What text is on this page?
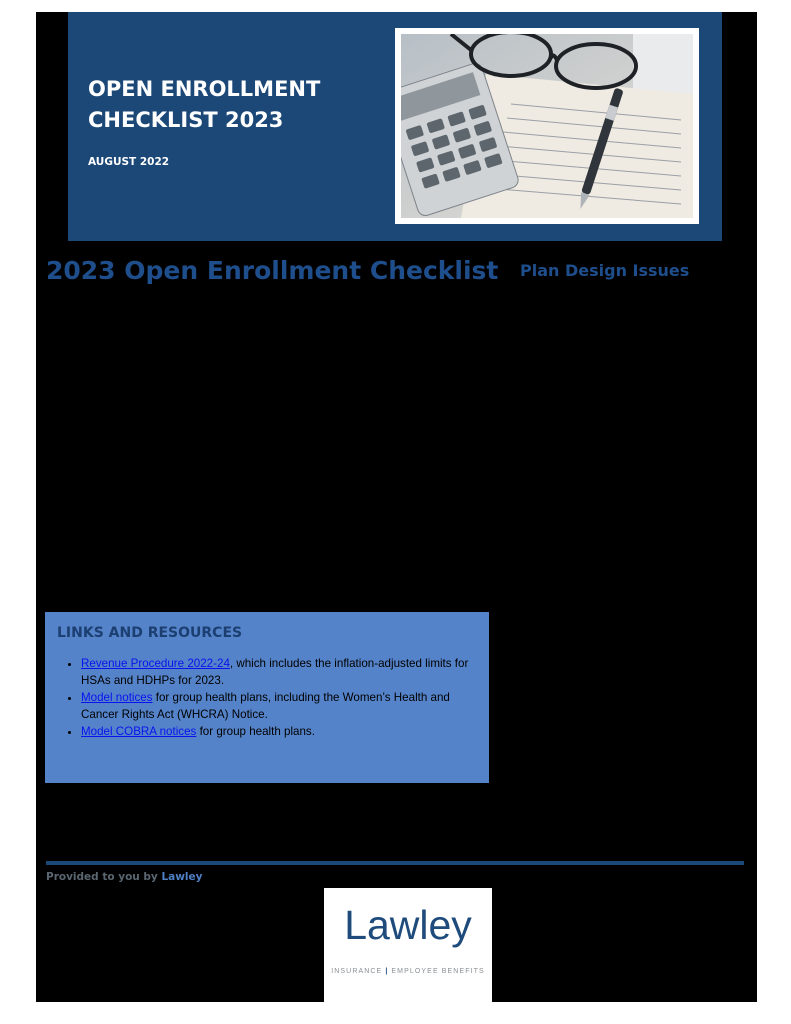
OPEN ENROLLMENT
CHECKLIST 2023
AUGUST 2022
2023 Open Enrollment Checklist Plan Design Issues
LINKS AND RESOURCES
• Revenue Procedure 2022-24, which includes the inflation-adjusted limits for HSAs and HDHPs for 2023.
• Model notices for group health plans, including the Women’s Health and Cancer Rights Act (WHCRA) Notice.
• Model COBRA notices for group health plans.
Provided to you by Lawley
Lawley
INSURANCE | EMPLOYEE BENEFITS
